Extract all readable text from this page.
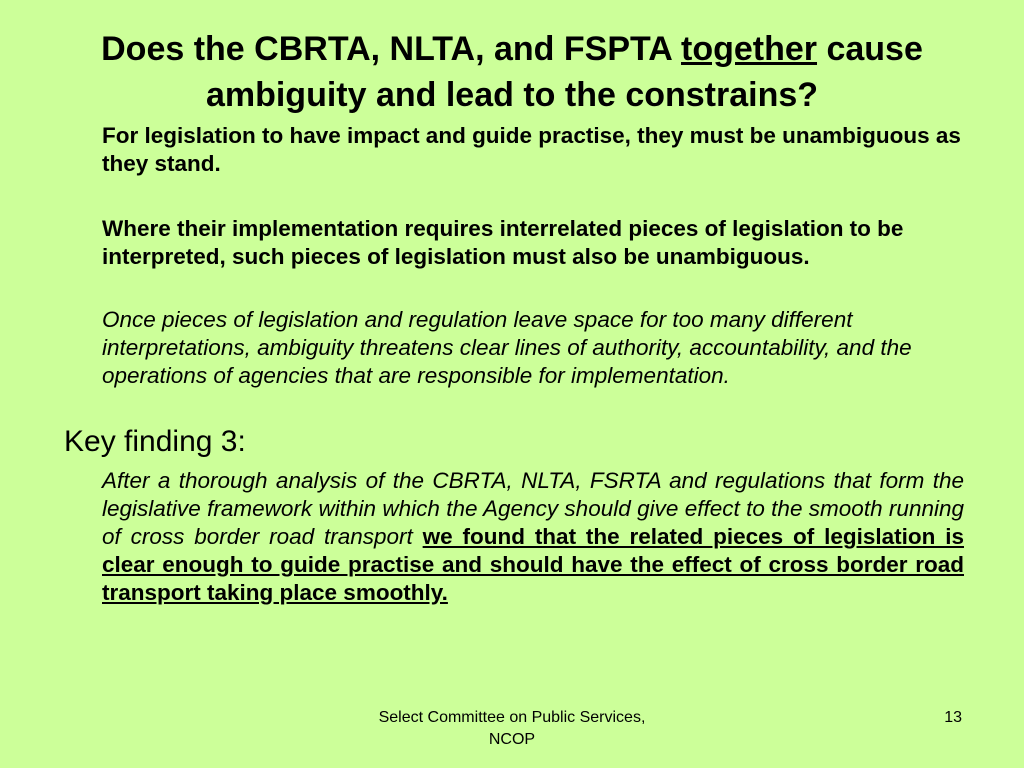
Does the CBRTA, NLTA, and FSPTA together cause ambiguity and lead to the constrains?

For legislation to have impact and guide practise, they must be unambiguous as they stand.

Where their implementation requires interrelated pieces of legislation to be interpreted, such pieces of legislation must also be unambiguous.

Once pieces of legislation and regulation leave space for too many different interpretations, ambiguity threatens clear lines of authority, accountability, and the operations of agencies that are responsible for implementation.

Key finding 3:

After a thorough analysis of the CBRTA, NLTA, FSRTA and regulations that form the legislative framework within which the Agency should give effect to the smooth running of cross border road transport we found that the related pieces of legislation is clear enough to guide practise and should have the effect of cross border road transport taking place smoothly.

Select Committee on Public Services, NCOP
13
